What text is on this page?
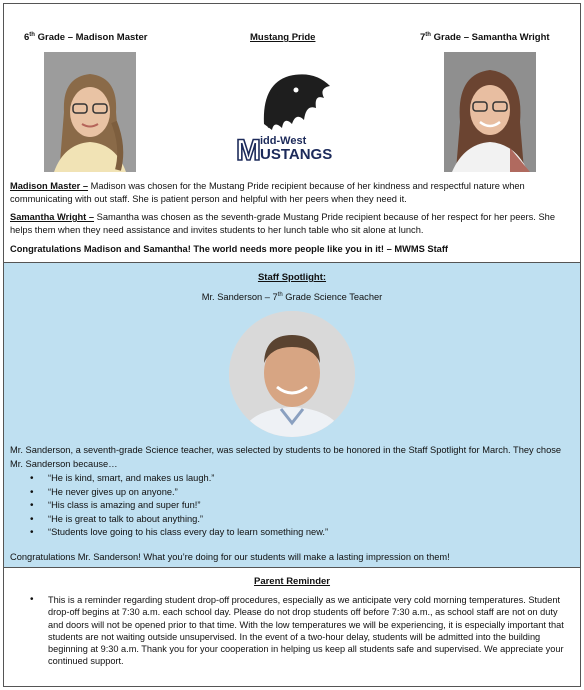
6th Grade – Madison Master	Mustang Pride	7th Grade – Samantha Wright
M idd-West
USTANGS
Madison Master – Madison was chosen for the Mustang Pride recipient because of her kindness and respectful nature when communicating with out staff. She is patient person and helpful with her peers when they need it.
Samantha Wright – Samantha was chosen as the seventh-grade Mustang Pride recipient because of her respect for her peers. She helps them when they need assistance and invites students to her lunch table who sit alone at lunch.
Congratulations Madison and Samantha! The world needs more people like you in it! – MWMS Staff
Staff Spotlight:
Mr. Sanderson – 7th Grade Science Teacher
Mr. Sanderson, a seventh-grade Science teacher, was selected by students to be honored in the Staff Spotlight for March. They chose Mr. Sanderson because…
• “He is kind, smart, and makes us laugh.”
• “He never gives up on anyone.”
• “His class is amazing and super fun!”
• “He is great to talk to about anything.”
• “Students love going to his class every day to learn something new.”
Congratulations Mr. Sanderson! What you’re doing for our students will make a lasting impression on them!
Parent Reminder
• This is a reminder regarding student drop-off procedures, especially as we anticipate very cold morning temperatures. Student drop-off begins at 7:30 a.m. each school day. Please do not drop students off before 7:30 a.m., as school staff are not on duty and doors will not be opened prior to that time. With the low temperatures we will be experiencing, it is especially important that students are not waiting outside unsupervised. In the event of a two-hour delay, students will be admitted into the building beginning at 9:30 a.m. Thank you for your cooperation in helping us keep all students safe and supervised. We appreciate your continued support.
